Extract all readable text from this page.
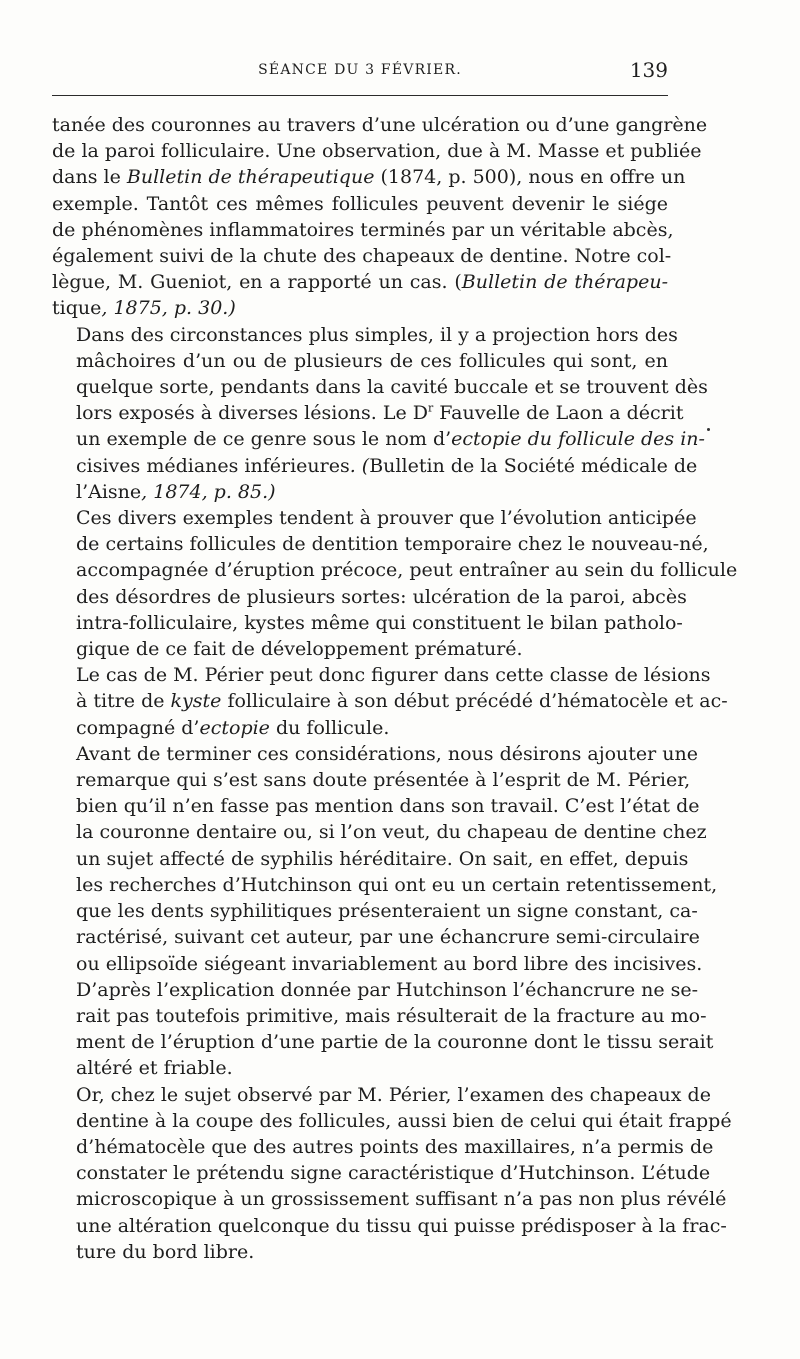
SÉANCE DU 3 FÉVRIER.	139

tanée des couronnes au travers d’une ulcération ou d’une gangrène
de la paroi folliculaire. Une observation, due à M. Masse et publiée
dans le Bulletin de thérapeutique (1874, p. 500), nous en offre un
exemple. Tantôt ces mêmes follicules peuvent devenir le siége
de phénomènes inflammatoires terminés par un véritable abcès,
également suivi de la chute des chapeaux de dentine. Notre col-
lègue, M. Gueniot, en a rapporté un cas. (Bulletin de thérapeu-
tique, 1875, p. 30.)

Dans des circonstances plus simples, il y a projection hors des
mâchoires d’un ou de plusieurs de ces follicules qui sont, en
quelque sorte, pendants dans la cavité buccale et se trouvent dès
lors exposés à diverses lésions. Le $D^r$ Fauvelle de Laon a décrit
un exemple de ce genre sous le nom d’ectopie du follicule des in-
cisives médianes inférieures. (Bulletin de la Société médicale de
l’Aisne, 1874, p. 85.)

Ces divers exemples tendent à prouver que l’évolution anticipée
de certains follicules de dentition temporaire chez le nouveau-né,
accompagnée d’éruption précoce, peut entraîner au sein du follicule
des désordres de plusieurs sortes: ulcération de la paroi, abcès
intra-folliculaire, kystes même qui constituent le bilan patholo-
gique de ce fait de développement prématuré.

Le cas de M. Périer peut donc figurer dans cette classe de lésions
à titre de kyste folliculaire à son début précédé d’hématocèle et ac-
compagné d’ectopie du follicule.

Avant de terminer ces considérations, nous désirons ajouter une
remarque qui s’est sans doute présentée à l’esprit de M. Périer,
bien qu’il n’en fasse pas mention dans son travail. C’est l’état de
la couronne dentaire ou, si l’on veut, du chapeau de dentine chez
un sujet affecté de syphilis héréditaire. On sait, en effet, depuis
les recherches d’Hutchinson qui ont eu un certain retentissement,
que les dents syphilitiques présenteraient un signe constant, ca-
ractérisé, suivant cet auteur, par une échancrure semi-circulaire
ou ellipsoïde siégeant invariablement au bord libre des incisives.

D’après l’explication donnée par Hutchinson l’échancrure ne se-
rait pas toutefois primitive, mais résulterait de la fracture au mo-
ment de l’éruption d’une partie de la couronne dont le tissu serait
altéré et friable.

Or, chez le sujet observé par M. Périer, l’examen des chapeaux de
dentine à la coupe des follicules, aussi bien de celui qui était frappé
d’hématocèle que des autres points des maxillaires, n’a permis de
constater le prétendu signe caractéristique d’Hutchinson. L’étude
microscopique à un grossissement suffisant n’a pas non plus révélé
une altération quelconque du tissu qui puisse prédisposer à la frac-
ture du bord libre.
